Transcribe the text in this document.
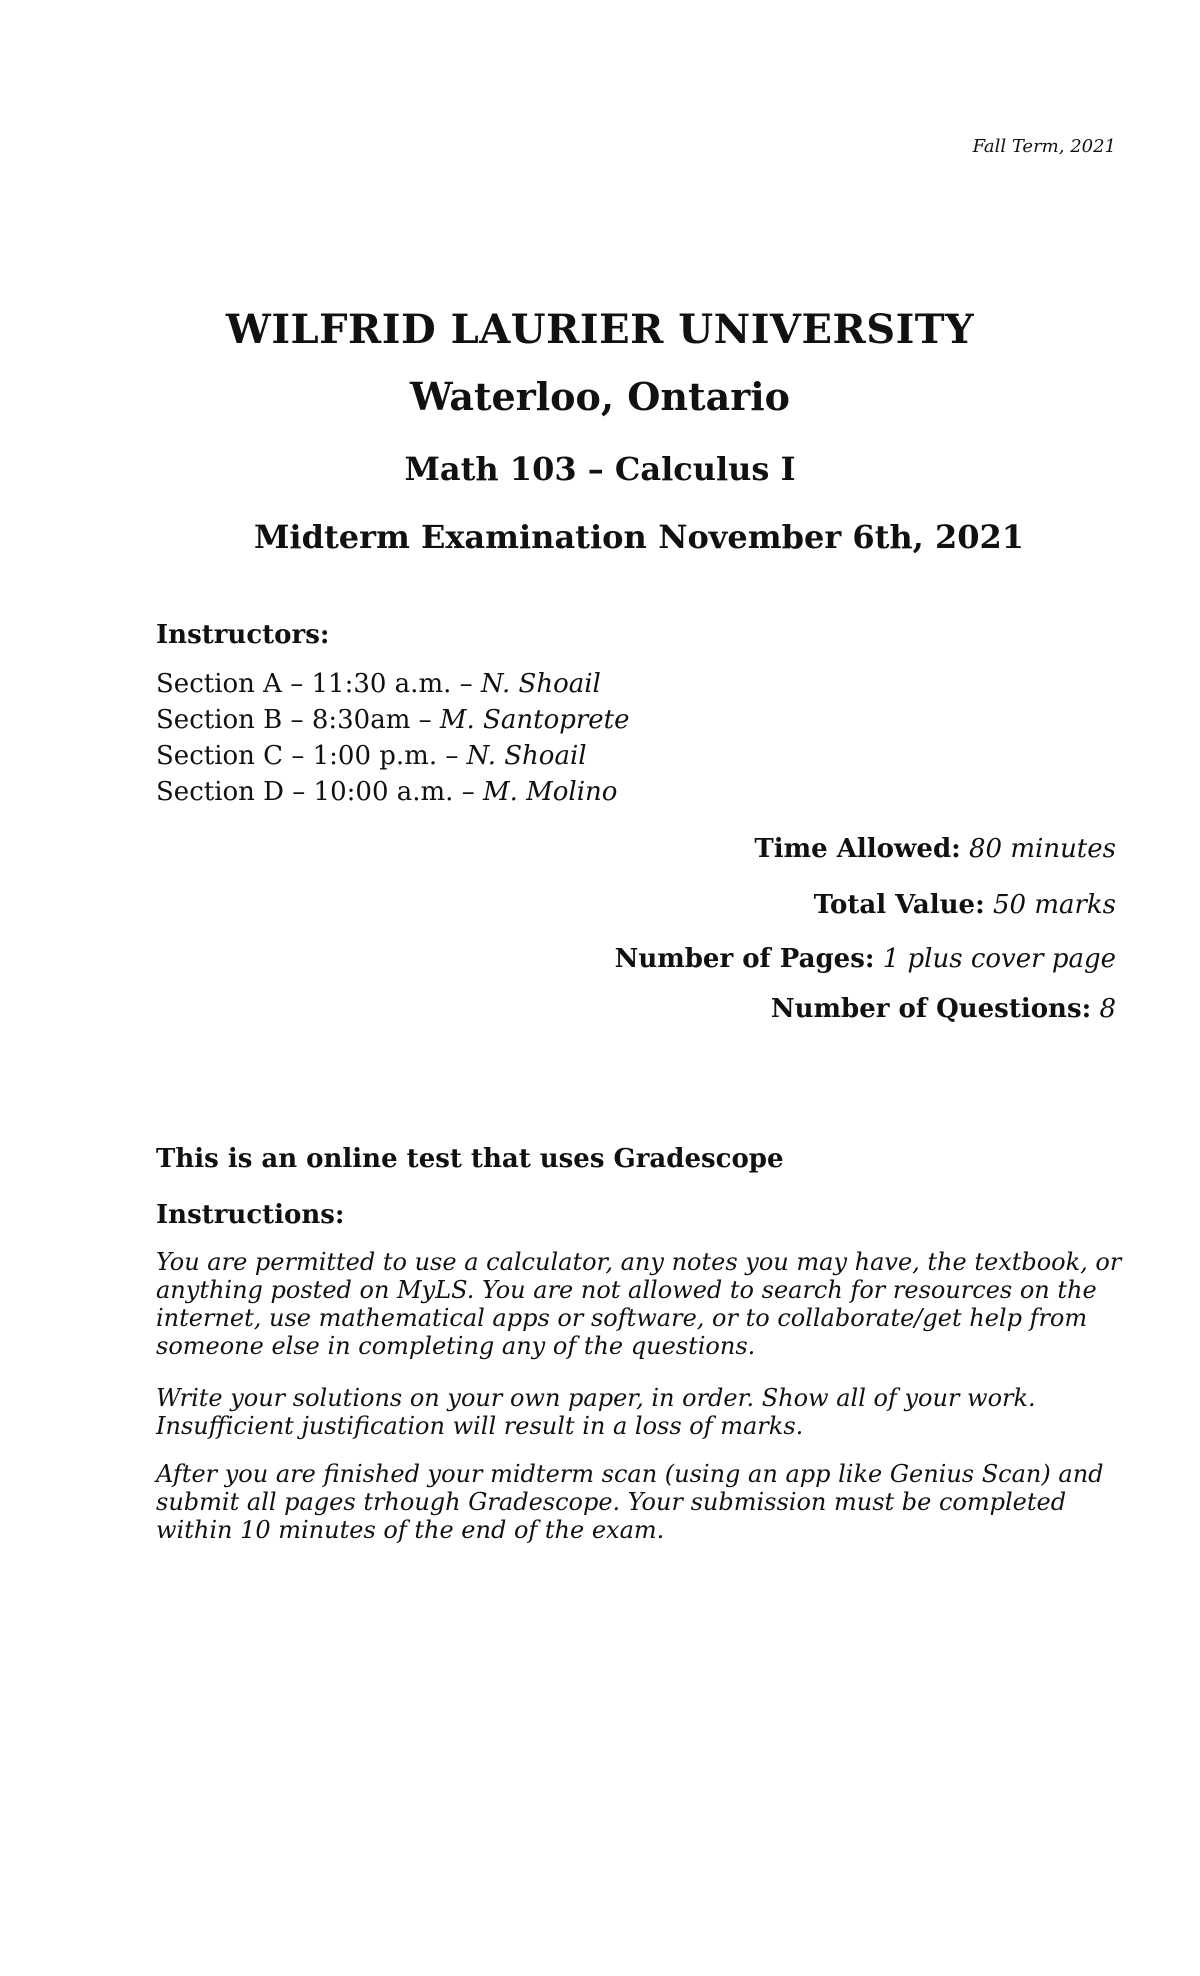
Fall Term, 2021
WILFRID LAURIER UNIVERSITY
Waterloo, Ontario
Math 103 – Calculus I
Midterm Examination November 6th, 2021
Instructors:
Section A – 11:30 a.m. – N. Shoail
Section B – 8:30am – M. Santoprete
Section C – 1:00 p.m. – N. Shoail
Section D – 10:00 a.m. – M. Molino
Time Allowed: 80 minutes
Total Value: 50 marks
Number of Pages: 1 plus cover page
Number of Questions: 8
This is an online test that uses Gradescope
Instructions:
You are permitted to use a calculator, any notes you may have, the textbook, or anything posted on MyLS. You are not allowed to search for resources on the internet, use mathematical apps or software, or to collaborate/get help from someone else in completing any of the questions.
Write your solutions on your own paper, in order. Show all of your work. Insufficient justification will result in a loss of marks.
After you are finished your midterm scan (using an app like Genius Scan) and submit all pages trhough Gradescope. Your submission must be completed within 10 minutes of the end of the exam.
